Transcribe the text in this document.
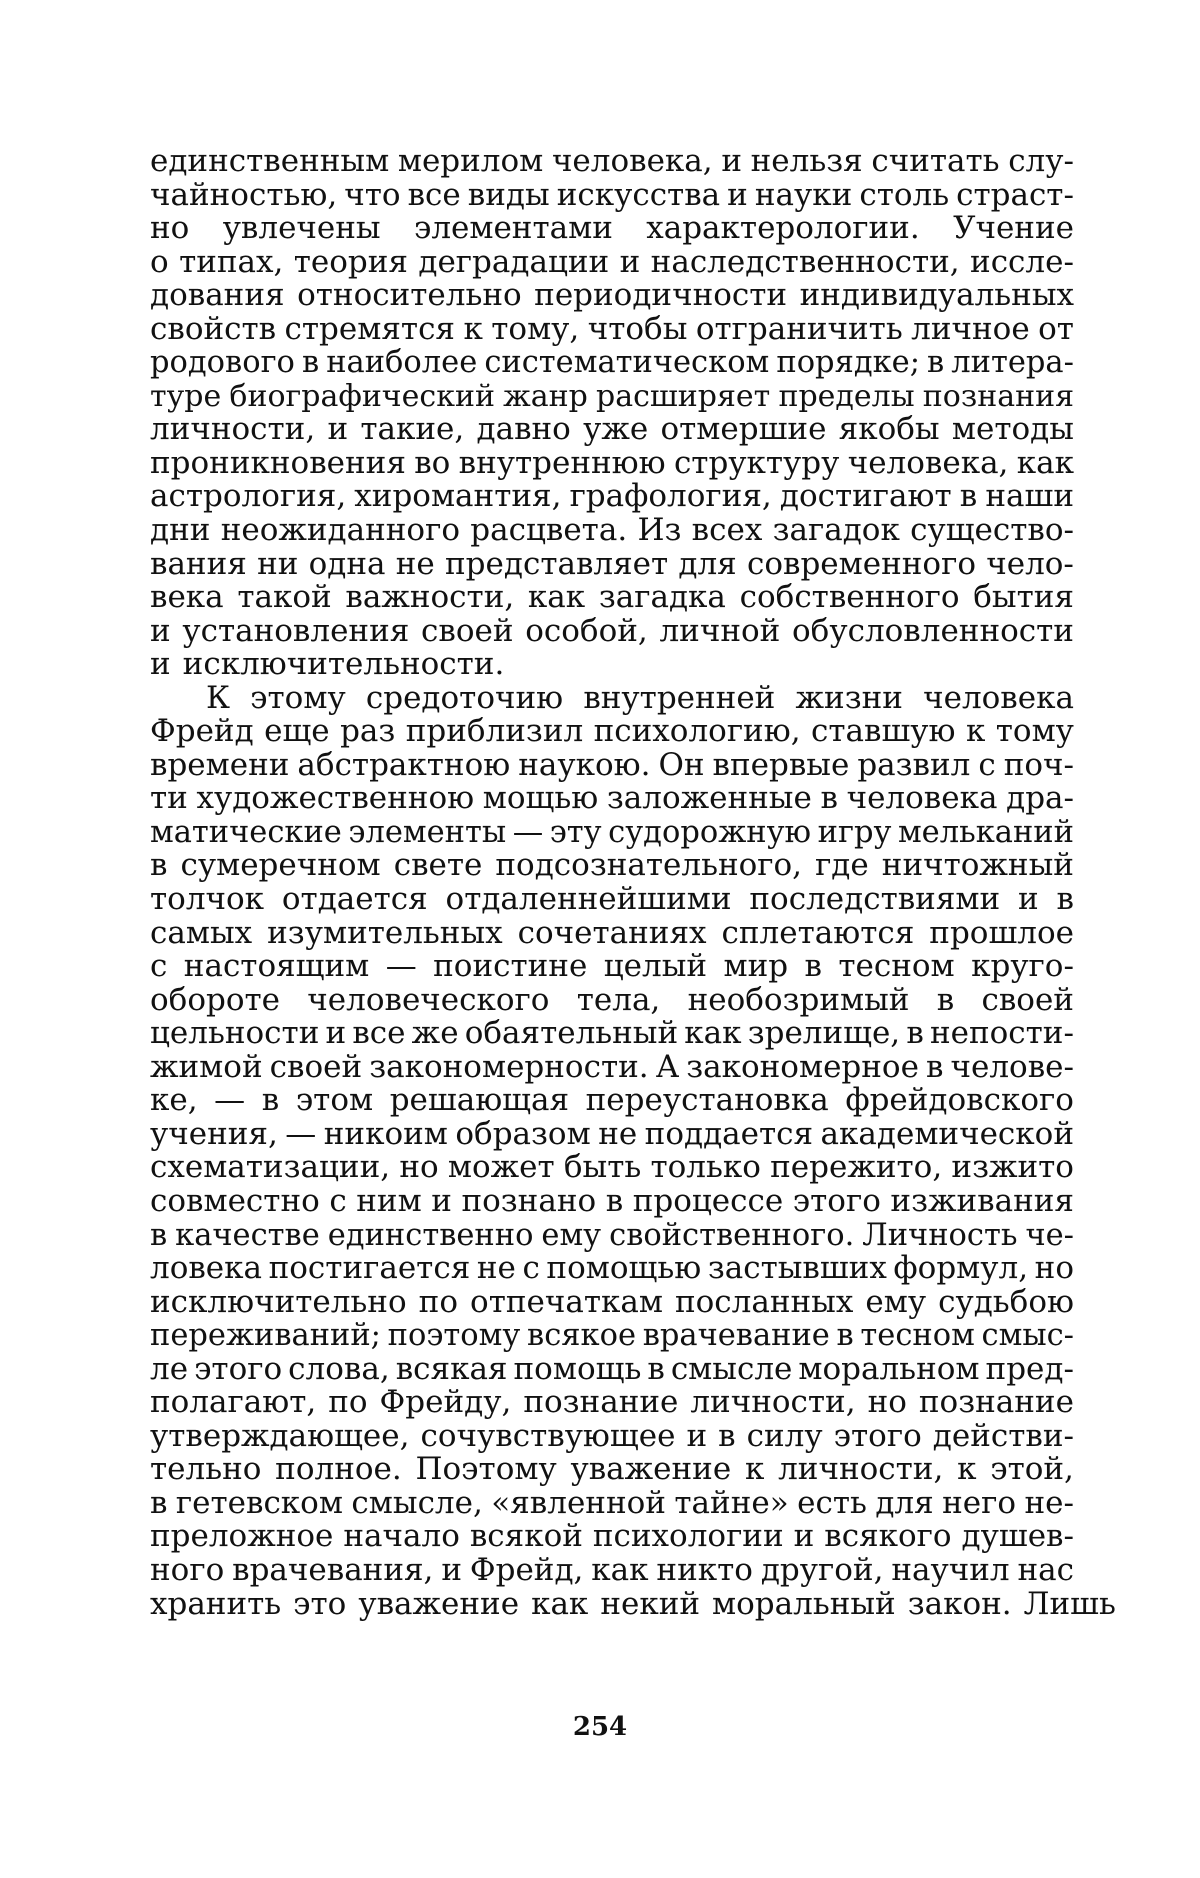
единственным мерилом человека, и нельзя считать слу-
чайностью, что все виды искусства и науки столь страст-
но увлечены элементами характерологии. Учение
о типах, теория деградации и наследственности, иссле-
дования относительно периодичности индивидуальных
свойств стремятся к тому, чтобы отграничить личное от
родового в наиболее систематическом порядке; в литера-
туре биографический жанр расширяет пределы познания
личности, и такие, давно уже отмершие якобы методы
проникновения во внутреннюю структуру человека, как
астрология, хиромантия, графология, достигают в наши
дни неожиданного расцвета. Из всех загадок существо-
вания ни одна не представляет для современного чело-
века такой важности, как загадка собственного бытия
и установления своей особой, личной обусловленности
и исключительности.
К этому средоточию внутренней жизни человека
Фрейд еще раз приблизил психологию, ставшую к тому
времени абстрактною наукою. Он впервые развил с поч-
ти художественною мощью заложенные в человека дра-
матические элементы — эту судорожную игру мельканий
в сумеречном свете подсознательного, где ничтожный
толчок отдается отдаленнейшими последствиями и в
самых изумительных сочетаниях сплетаются прошлое
с настоящим — поистине целый мир в тесном круго-
обороте человеческого тела, необозримый в своей
цельности и все же обаятельный как зрелище, в непости-
жимой своей закономерности. А закономерное в челове-
ке, — в этом решающая переустановка фрейдовского
учения, — никоим образом не поддается академической
схематизации, но может быть только пережито, изжито
совместно с ним и познано в процессе этого изживания
в качестве единственно ему свойственного. Личность че-
ловека постигается не с помощью застывших формул, но
исключительно по отпечаткам посланных ему судьбою
переживаний; поэтому всякое врачевание в тесном смыс-
ле этого слова, всякая помощь в смысле моральном пред-
полагают, по Фрейду, познание личности, но познание
утверждающее, сочувствующее и в силу этого действи-
тельно полное. Поэтому уважение к личности, к этой,
в гетевском смысле, «явленной тайне» есть для него не-
преложное начало всякой психологии и всякого душев-
ного врачевания, и Фрейд, как никто другой, научил нас
хранить это уважение как некий моральный закон. Лишь
254
